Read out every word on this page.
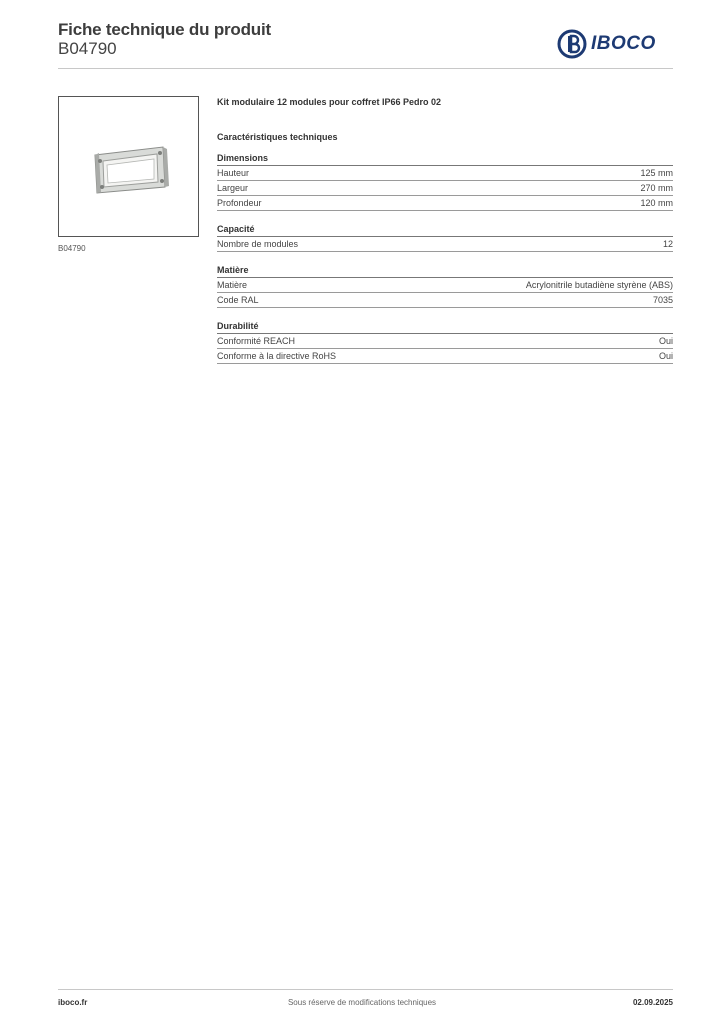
Fiche technique du produit
B04790	IBOCO
B04790
Kit modulaire 12 modules pour coffret IP66 Pedro 02
Caractéristiques techniques
Dimensions
Hauteur	125 mm
Largeur	270 mm
Profondeur	120 mm
Capacité
Nombre de modules	12
Matière
Matière	Acrylonitrile butadiène styrène (ABS)
Code RAL	7035
Durabilité
Conformité REACH	Oui
Conforme à la directive RoHS	Oui
iboco.fr	Sous réserve de modifications techniques	02.09.2025
